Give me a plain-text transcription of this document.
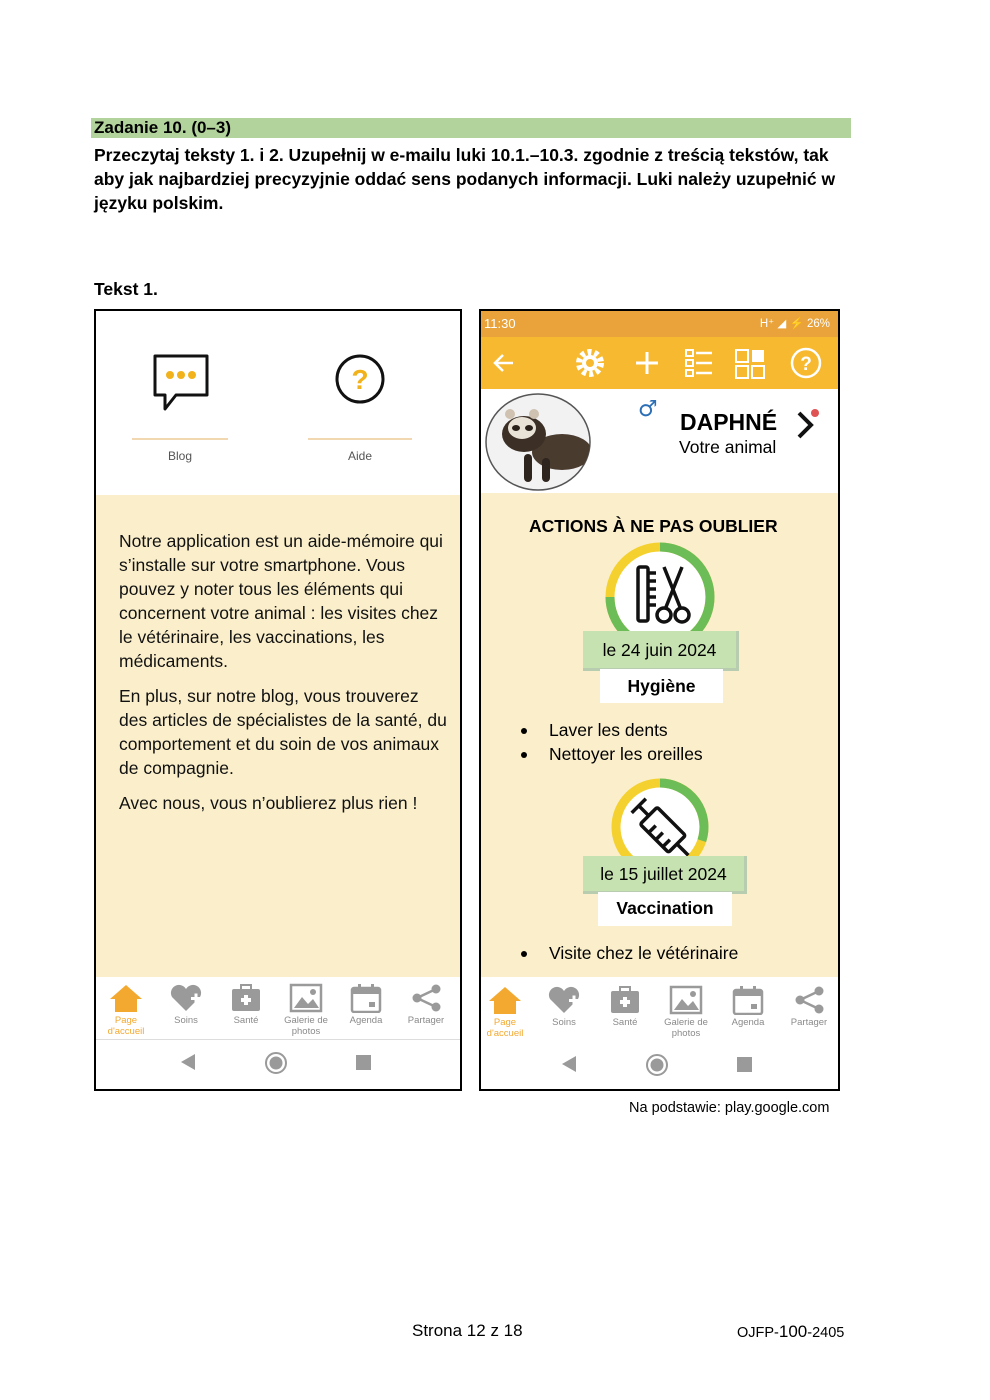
Zadanie 10. (0–3)
Przeczytaj teksty 1. i 2. Uzupełnij w e-mailu luki 10.1.–10.3. zgodnie z treścią tekstów, tak aby jak najbardziej precyzyjnie oddać sens podanych informacji. Luki należy uzupełnić w języku polskim.
Tekst 1.
?
Blog	Aide

Notre application est un aide-mémoire qui s’installe sur votre smartphone. Vous pouvez y noter tous les éléments qui concernent votre animal : les visites chez le vétérinaire, les vaccinations, les médicaments.

En plus, sur notre blog, vous trouverez des articles de spécialistes de la santé, du comportement et du soin de vos animaux de compagnie.

Avec nous, vous n’oublierez plus rien !

Page d'accueil
Soins	Santé	Galerie de photos
Agenda	Partager
11:30	H⁺ ◢ ⚡ 26%
?
♂ DAPHNÉ
Votre animal
ACTIONS À NE PAS OUBLIER
le 24 juin 2024
Hygiène
Laver les dents
Nettoyer les oreilles
le 15 juillet 2024
Vaccination
Visite chez le vétérinaire
Page d'accueil
Soins	Santé	Galerie de photos
Agenda	Partager
Na podstawie: play.google.com
Strona 12 z 18	OJFP-100-2405
